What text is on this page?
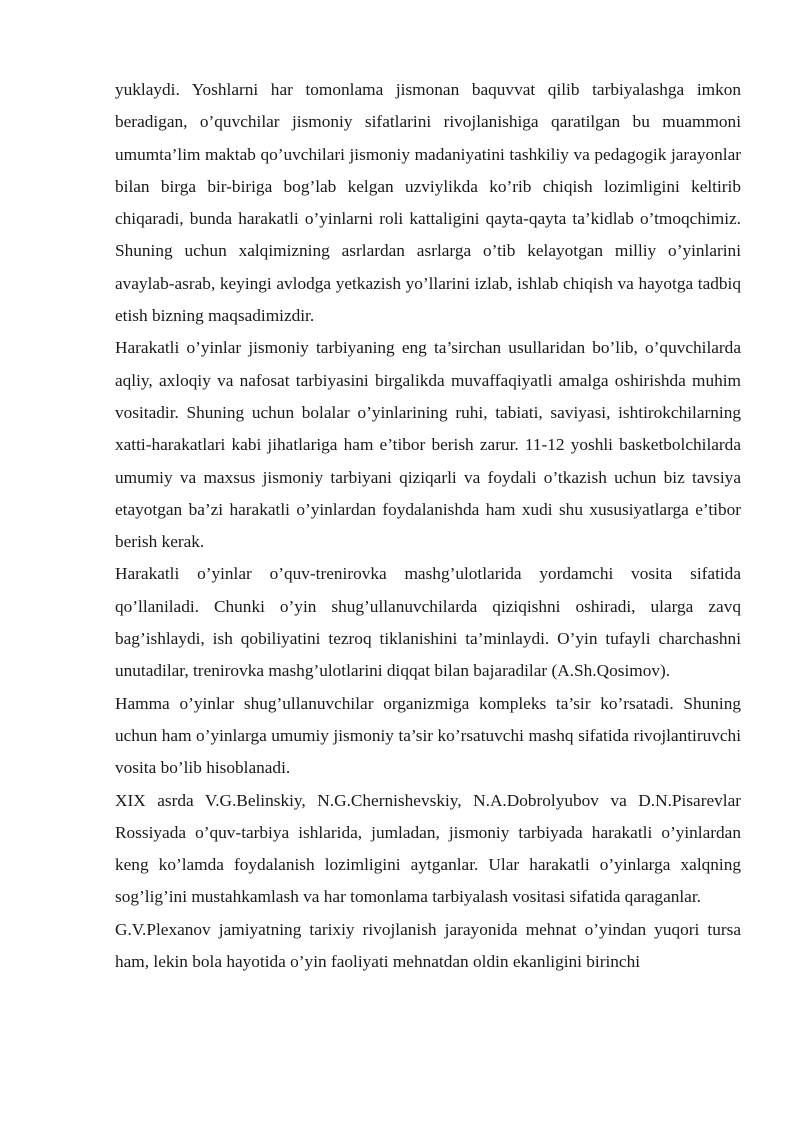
yuklaydi. Yoshlarni har tomonlama jismonan baquvvat qilib tarbiyalashga imkon beradigan, o’quvchilar jismoniy sifatlarini rivojlanishiga qaratilgan bu muammoni umumta’lim maktab qo’uvchilari jismoniy madaniyatini tashkiliy va pedagogik jarayonlar bilan birga bir-biriga bog’lab kelgan uzviylikda ko’rib chiqish lozimligini keltirib chiqaradi, bunda harakatli o’yinlarni roli kattaligini qayta-qayta ta’kidlab o’tmoqchimiz. Shuning uchun xalqimizning asrlardan asrlarga o’tib kelayotgan milliy o’yinlarini avaylab-asrab, keyingi avlodga yetkazish yo’llarini izlab, ishlab chiqish va hayotga tadbiq etish bizning maqsadimizdir.

Harakatli o’yinlar jismoniy tarbiyaning eng ta’sirchan usullaridan bo’lib, o’quvchilarda aqliy, axloqiy va nafosat tarbiyasini birgalikda muvaffaqiyatli amalga oshirishda muhim vositadir. Shuning uchun bolalar o’yinlarining ruhi, tabiati, saviyasi, ishtirokchilarning xatti-harakatlari kabi jihatlariga ham e’tibor berish zarur. 11-12 yoshli basketbolchilarda umumiy va maxsus jismoniy tarbiyani qiziqarli va foydali o’tkazish uchun biz tavsiya etayotgan ba’zi harakatli o’yinlardan foydalanishda ham xudi shu xususiyatlarga e’tibor berish kerak.

Harakatli o’yinlar o’quv-trenirovka mashg’ulotlarida yordamchi vosita sifatida qo’llaniladi. Chunki o’yin shug’ullanuvchilarda qiziqishni oshiradi, ularga zavq bag’ishlaydi, ish qobiliyatini tezroq tiklanishini ta’minlaydi. O’yin tufayli charchashni unutadilar, trenirovka mashg’ulotlarini diqqat bilan bajaradilar (A.Sh.Qosimov).

Hamma o’yinlar shug’ullanuvchilar organizmiga kompleks ta’sir ko’rsatadi. Shuning uchun ham o’yinlarga umumiy jismoniy ta’sir ko’rsatuvchi mashq sifatida rivojlantiruvchi vosita bo’lib hisoblanadi.

XIX asrda V.G.Belinskiy, N.G.Chernishevskiy, N.A.Dobrolyubov va D.N.Pisarevlar Rossiyada o’quv-tarbiya ishlarida, jumladan, jismoniy tarbiyada harakatli o’yinlardan keng ko’lamda foydalanish lozimligini aytganlar. Ular harakatli o’yinlarga xalqning sog’lig’ini mustahkamlash va har tomonlama tarbiyalash vositasi sifatida qaraganlar.

G.V.Plexanov jamiyatning tarixiy rivojlanish jarayonida mehnat o’yindan yuqori tursa ham, lekin bola hayotida o’yin faoliyati mehnatdan oldin ekanligini birinchi
